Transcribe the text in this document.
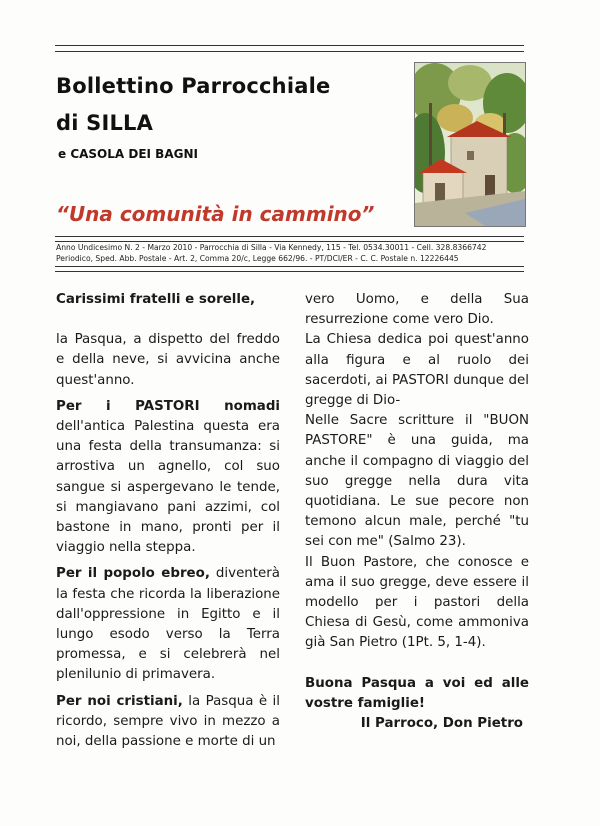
Bollettino Parrocchiale
di SILLA
e CASOLA DEI BAGNI
“Una comunità in cammino”
Anno Undicesimo N. 2 - Marzo 2010 - Parrocchia di Silla - Via Kennedy, 115 - Tel. 0534.30011 - Cell. 328.8366742
Periodico, Sped. Abb. Postale - Art. 2, Comma 20/c, Legge 662/96. - PT/DCI/ER - C. C. Postale n. 12226445

Carissimi fratelli e sorelle,

la Pasqua, a dispetto del freddo e della neve, si avvicina anche quest'anno.

Per i PASTORI nomadi dell'antica Palestina questa era una festa della transumanza: si arrostiva un agnello, col suo sangue si aspergevano le tende, si mangiavano pani azzimi, col bastone in mano, pronti per il viaggio nella steppa.

Per il popolo ebreo, diventerà la festa che ricorda la liberazione dall'oppressione in Egitto e il lungo esodo verso la Terra promessa, e si celebrerà nel plenilunio di primavera.

Per noi cristiani, la Pasqua è il ricordo, sempre vivo in mezzo a noi, della passione e morte di un

vero Uomo, e della Sua resurrezione come vero Dio.

La Chiesa dedica poi quest'anno alla figura e al ruolo dei sacerdoti, ai PASTORI dunque del gregge di Dio-

Nelle Sacre scritture il "BUON PASTORE" è una guida, ma anche il compagno di viaggio del suo gregge nella dura vita quotidiana. Le sue pecore non temono alcun male, perché "tu sei con me" (Salmo 23).

Il Buon Pastore, che conosce e ama il suo gregge, deve essere il modello per i pastori della Chiesa di Gesù, come ammoniva già San Pietro (1Pt. 5, 1-4).

Buona Pasqua a voi ed alle vostre famiglie!

Il Parroco, Don Pietro
